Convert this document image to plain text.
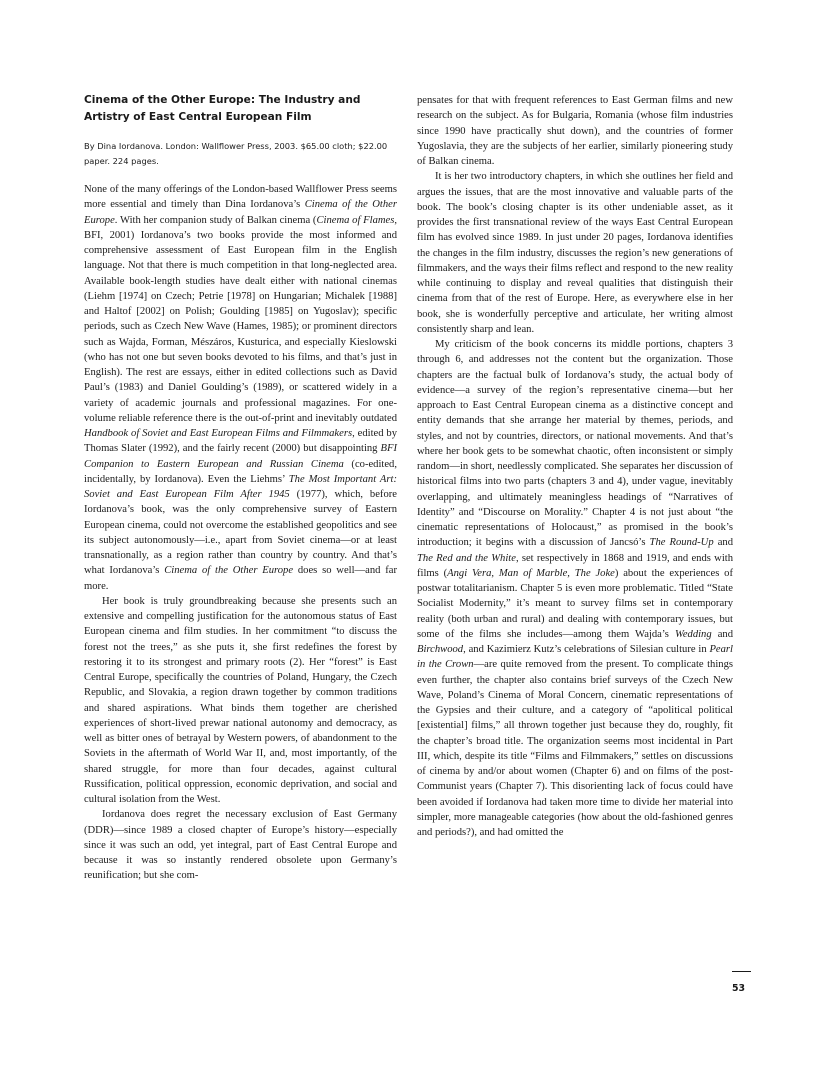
Cinema of the Other Europe: The Industry and Artistry of East Central European Film
By Dina Iordanova. London: Wallflower Press, 2003. $65.00 cloth; $22.00 paper. 224 pages.

None of the many offerings of the London-based Wallflower Press seems more essential and timely than Dina Iordanova’s Cinema of the Other Europe. With her companion study of Balkan cinema (Cinema of Flames, BFI, 2001) Iordanova’s two books provide the most informed and comprehensive assessment of East European film in the English language. Not that there is much competition in that long-neglected area. Available book-length studies have dealt either with national cinemas (Liehm [1974] on Czech; Petrie [1978] on Hungarian; Michalek [1988] and Haltof [2002] on Polish; Goulding [1985] on Yugoslav); specific periods, such as Czech New Wave (Hames, 1985); or prominent directors such as Wajda, Forman, Mészáros, Kusturica, and especially Kieslowski (who has not one but seven books devoted to his films, and that’s just in English). The rest are essays, either in edited collections such as David Paul’s (1983) and Daniel Goulding’s (1989), or scattered widely in a variety of academic journals and professional magazines. For one-volume reliable reference there is the out-of-print and inevitably outdated Handbook of Soviet and East European Films and Filmmakers, edited by Thomas Slater (1992), and the fairly recent (2000) but disappointing BFI Companion to Eastern European and Russian Cinema (co-edited, incidentally, by Iordanova). Even the Liehms’ The Most Important Art: Soviet and East European Film After 1945 (1977), which, before Iordanova’s book, was the only comprehensive survey of Eastern European cinema, could not overcome the established geopolitics and see its subject autonomously—i.e., apart from Soviet cinema—or at least transnationally, as a region rather than country by country. And that’s what Iordanova’s Cinema of the Other Europe does so well—and far more.

Her book is truly groundbreaking because she presents such an extensive and compelling justification for the autonomous status of East European cinema and film studies. In her commitment “to discuss the forest not the trees,” as she puts it, she first redefines the forest by restoring it to its strongest and primary roots (2). Her “forest” is East Central Europe, specifically the countries of Poland, Hungary, the Czech Republic, and Slovakia, a region drawn together by common traditions and shared aspirations. What binds them together are cherished experiences of short-lived prewar national autonomy and democracy, as well as bitter ones of betrayal by Western powers, of abandonment to the Soviets in the aftermath of World War II, and, most importantly, of the shared struggle, for more than four decades, against cultural Russification, political oppression, economic deprivation, and social and cultural isolation from the West.

Iordanova does regret the necessary exclusion of East Germany (DDR)—since 1989 a closed chapter of Europe’s history—especially since it was such an odd, yet integral, part of East Central Europe and because it was so instantly rendered obsolete upon Germany’s reunification; but she com-

pensates for that with frequent references to East German films and new research on the subject. As for Bulgaria, Romania (whose film industries since 1990 have practically shut down), and the countries of former Yugoslavia, they are the subjects of her earlier, similarly pioneering study of Balkan cinema.

It is her two introductory chapters, in which she outlines her field and argues the issues, that are the most innovative and valuable parts of the book. The book’s closing chapter is its other undeniable asset, as it provides the first transnational review of the ways East Central European film has evolved since 1989. In just under 20 pages, Iordanova identifies the changes in the film industry, discusses the region’s new generations of filmmakers, and the ways their films reflect and respond to the new reality while continuing to display and reveal qualities that distinguish their cinema from that of the rest of Europe. Here, as everywhere else in her book, she is wonderfully perceptive and articulate, her writing almost consistently sharp and lean.

My criticism of the book concerns its middle portions, chapters 3 through 6, and addresses not the content but the organization. Those chapters are the factual bulk of Iordanova’s study, the actual body of evidence—a survey of the region’s representative cinema—but her approach to East Central European cinema as a distinctive concept and entity demands that she arrange her material by themes, periods, and styles, and not by countries, directors, or national movements. And that’s where her book gets to be somewhat chaotic, often inconsistent or simply random—in short, needlessly complicated. She separates her discussion of historical films into two parts (chapters 3 and 4), under vague, inevitably overlapping, and ultimately meaningless headings of “Narratives of Identity” and “Discourse on Morality.” Chapter 4 is not just about “the cinematic representations of Holocaust,” as promised in the book’s introduction; it begins with a discussion of Jancsó’s The Round-Up and The Red and the White, set respectively in 1868 and 1919, and ends with films (Angi Vera, Man of Marble, The Joke) about the experiences of postwar totalitarianism. Chapter 5 is even more problematic. Titled “State Socialist Modernity,” it’s meant to survey films set in contemporary reality (both urban and rural) and dealing with contemporary issues, but some of the films she includes—among them Wajda’s Wedding and Birchwood, and Kazimierz Kutz’s celebrations of Silesian culture in Pearl in the Crown—are quite removed from the present. To complicate things even further, the chapter also contains brief surveys of the Czech New Wave, Poland’s Cinema of Moral Concern, cinematic representations of the Gypsies and their culture, and a category of “apolitical political [existential] films,” all thrown together just because they do, roughly, fit the chapter’s broad title. The organization seems most incidental in Part III, which, despite its title “Films and Filmmakers,” settles on discussions of cinema by and/or about women (Chapter 6) and on films of the post-Communist years (Chapter 7). This disorienting lack of focus could have been avoided if Iordanova had taken more time to divide her material into simpler, more manageable categories (how about the old-fashioned genres and periods?), and had omitted the

53
